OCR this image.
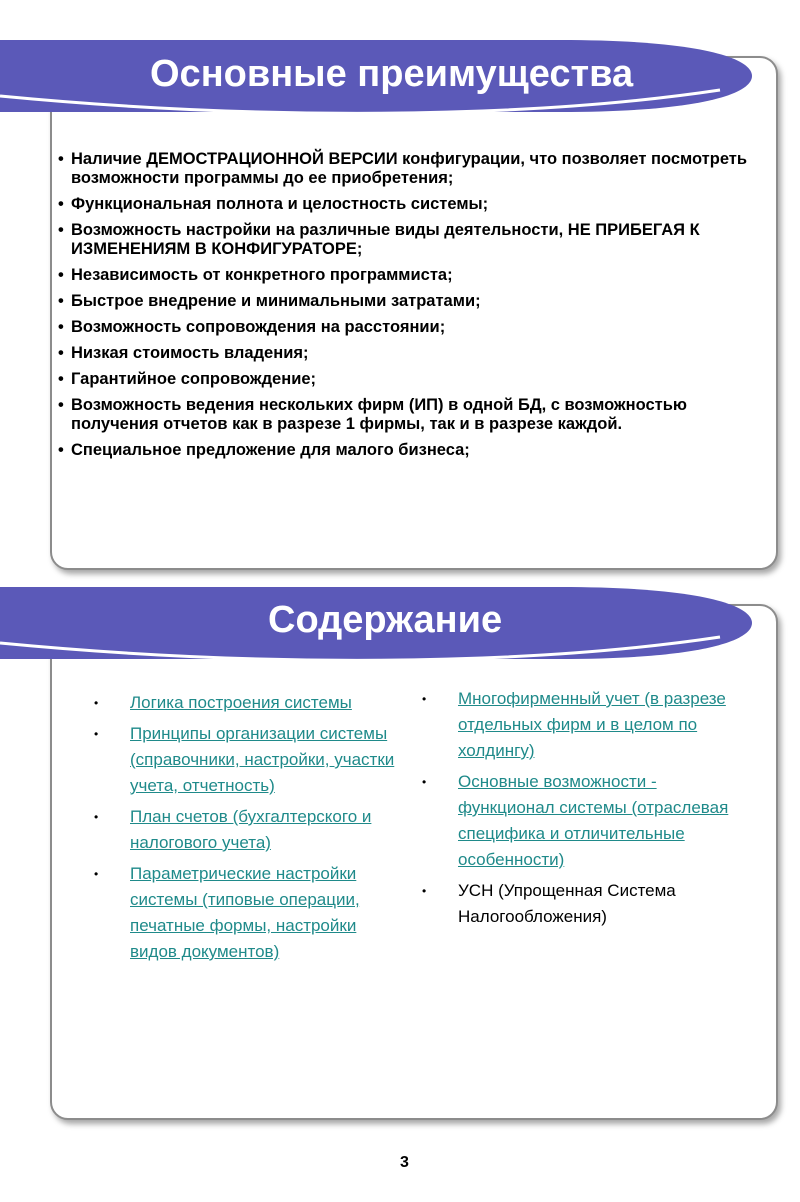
Основные преимущества
• Наличие ДЕМОСТРАЦИОННОЙ ВЕРСИИ конфигурации, что позволяет посмотреть возможности программы до ее приобретения;
• Функциональная полнота и целостность системы;
• Возможность настройки на различные виды деятельности, НЕ ПРИБЕГАЯ К ИЗМЕНЕНИЯМ В КОНФИГУРАТОРЕ;
• Независимость от конкретного программиста;
• Быстрое внедрение и минимальными затратами;
• Возможность сопровождения на расстоянии;
• Низкая стоимость владения;
• Гарантийное сопровождение;
• Возможность ведения нескольких фирм (ИП) в одной БД, с возможностью получения отчетов как в разрезе 1 фирмы, так и в разрезе каждой.
• Специальное предложение для малого бизнеса;
Содержание
• Логика построения системы
• Принципы организации системы (справочники, настройки, участки учета, отчетность)
• План счетов (бухгалтерского и налогового учета)
• Параметрические настройки системы (типовые операции, печатные формы, настройки видов документов)
• Многофирменный учет (в разрезе отдельных фирм и в целом по холдингу)
• Основные возможности - функционал системы (отраслевая специфика и отличительные особенности)
• УСН (Упрощенная Система Налогообложения)
3
